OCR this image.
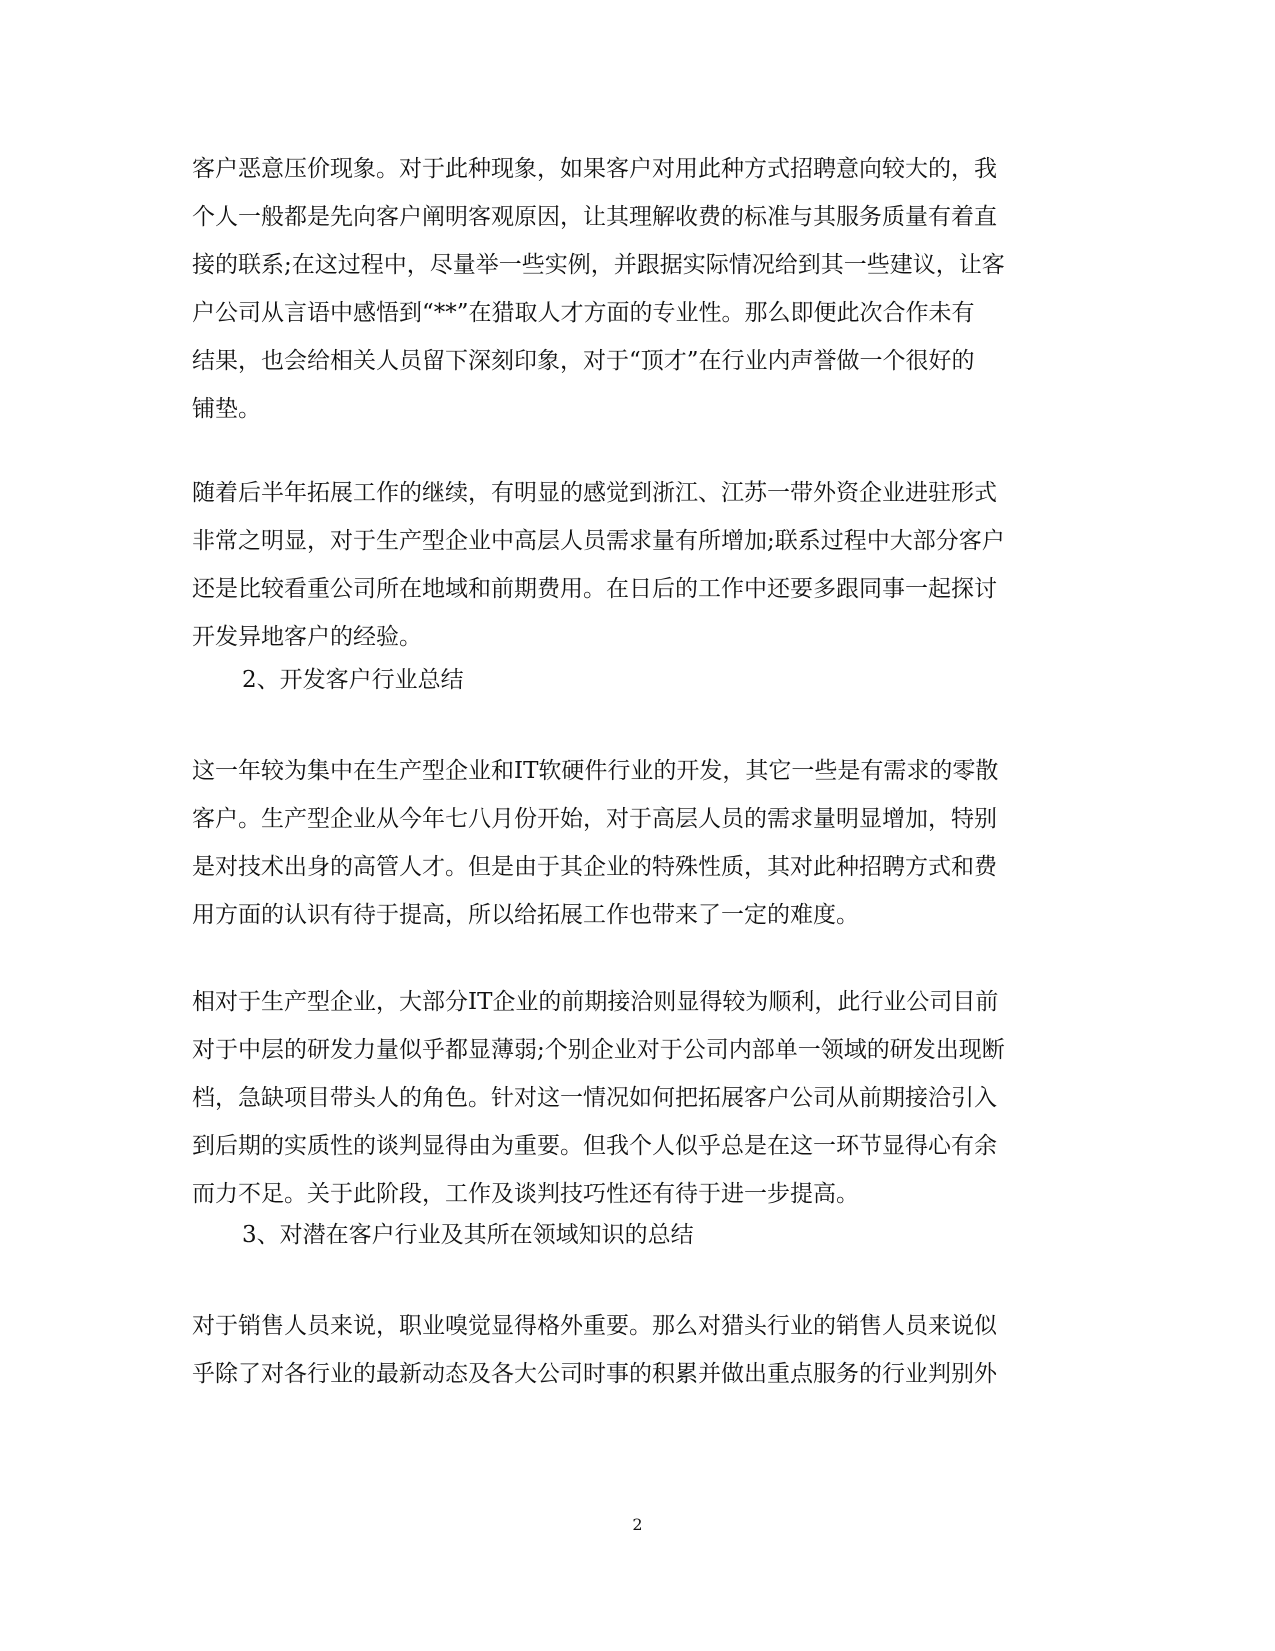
客户恶意压价现象。对于此种现象，如果客户对用此种方式招聘意向较大的，我
个人一般都是先向客户阐明客观原因，让其理解收费的标准与其服务质量有着直
接的联系;在这过程中，尽量举一些实例，并跟据实际情况给到其一些建议，让客
户公司从言语中感悟到“**”在猎取人才方面的专业性。那么即便此次合作未有
结果，也会给相关人员留下深刻印象，对于“顶才”在行业内声誉做一个很好的
铺垫。
随着后半年拓展工作的继续，有明显的感觉到浙江、江苏一带外资企业进驻形式
非常之明显，对于生产型企业中高层人员需求量有所增加;联系过程中大部分客户
还是比较看重公司所在地域和前期费用。在日后的工作中还要多跟同事一起探讨
开发异地客户的经验。
2、开发客户行业总结
这一年较为集中在生产型企业和IT软硬件行业的开发，其它一些是有需求的零散
客户。生产型企业从今年七八月份开始，对于高层人员的需求量明显增加，特别
是对技术出身的高管人才。但是由于其企业的特殊性质，其对此种招聘方式和费
用方面的认识有待于提高，所以给拓展工作也带来了一定的难度。
相对于生产型企业，大部分IT企业的前期接洽则显得较为顺利，此行业公司目前
对于中层的研发力量似乎都显薄弱;个别企业对于公司内部单一领域的研发出现断
档，急缺项目带头人的角色。针对这一情况如何把拓展客户公司从前期接洽引入
到后期的实质性的谈判显得由为重要。但我个人似乎总是在这一环节显得心有余
而力不足。关于此阶段，工作及谈判技巧性还有待于进一步提高。
3、对潜在客户行业及其所在领域知识的总结
对于销售人员来说，职业嗅觉显得格外重要。那么对猎头行业的销售人员来说似
乎除了对各行业的最新动态及各大公司时事的积累并做出重点服务的行业判别外
2
